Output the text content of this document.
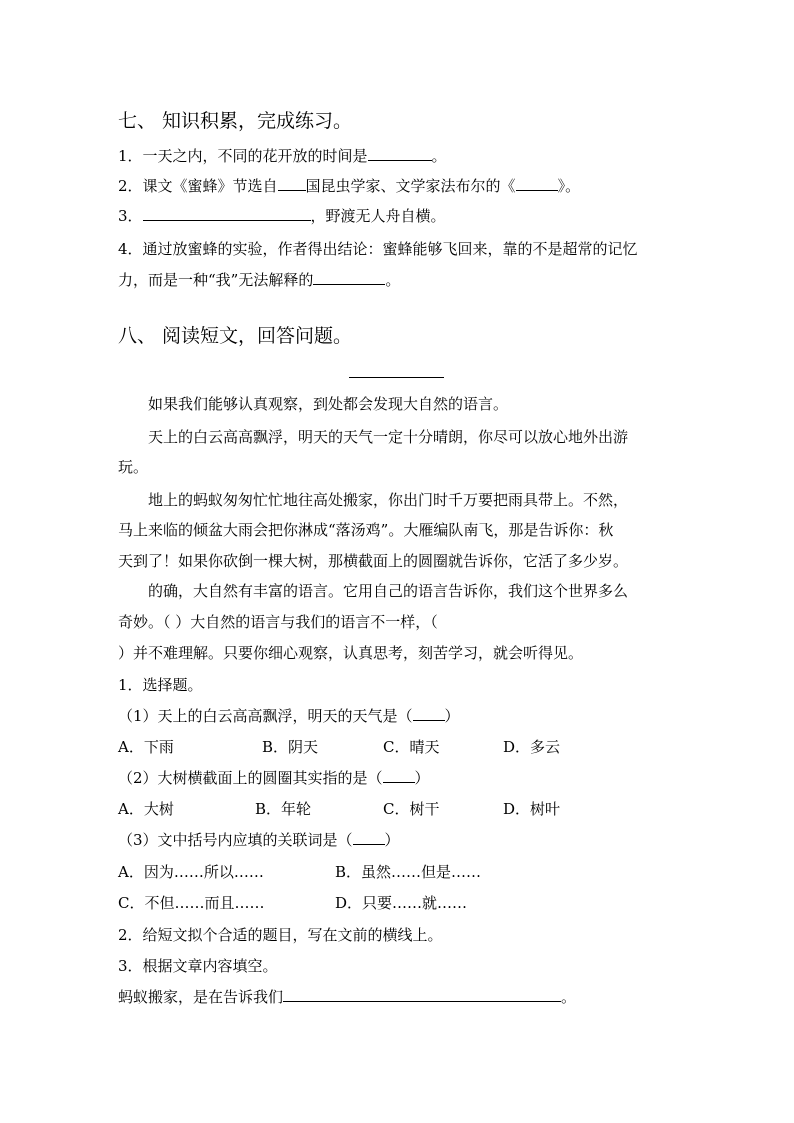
七、 知识积累，完成练习。
1．一天之内，不同的花开放的时间是	。
2．课文《蜜蜂》节选自 国昆虫学家、文学家法布尔的《	》。
3．	，野渡无人舟自横。
4．通过放蜜蜂的实验，作者得出结论：蜜蜂能够飞回来，靠的不是超常的记忆
力，而是一种“我”无法解释的	。
八、 阅读短文，回答问题。
如果我们能够认真观察，到处都会发现大自然的语言。
天上的白云高高飘浮，明天的天气一定十分晴朗，你尽可以放心地外出游
玩。
地上的蚂蚁匆匆忙忙地往高处搬家，你出门时千万要把雨具带上。不然，
马上来临的倾盆大雨会把你淋成“落汤鸡”。大雁编队南飞，那是告诉你：秋
天到了！如果你砍倒一棵大树，那横截面上的圆圈就告诉你，它活了多少岁。
的确，大自然有丰富的语言。它用自己的语言告诉你，我们这个世界多么
奇妙。（ ）大自然的语言与我们的语言不一样，（
）并不难理解。只要你细心观察，认真思考，刻苦学习，就会听得见。
1．选择题。
（1）天上的白云高高飘浮，明天的天气是（ ）
A．下雨	B．阴天	C．晴天	D．多云
（2）大树横截面上的圆圈其实指的是（ ）
A．大树	B．年轮	C．树干	D．树叶
（3）文中括号内应填的关联词是（ ）
A．因为……所以……	B．虽然……但是……
C．不但……而且……	D．只要……就……
2．给短文拟个合适的题目，写在文前的横线上。
3．根据文章内容填空。
蚂蚁搬家，是在告诉我们	。
